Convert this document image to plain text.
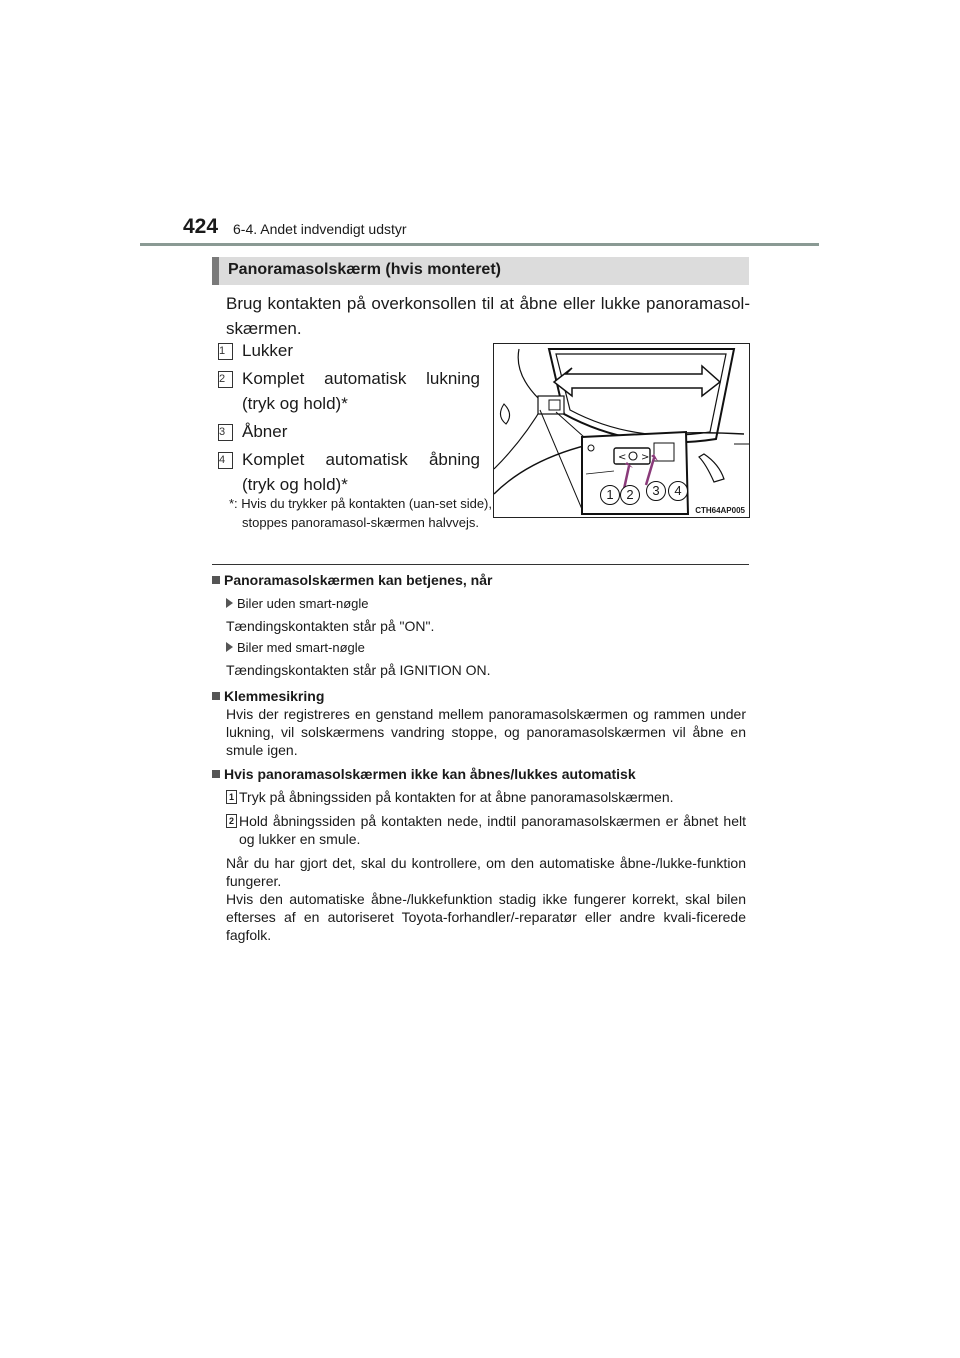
424 6-4. Andet indvendigt udstyr
Panoramasolskærm (hvis monteret)
Brug kontakten på overkonsollen til at åbne eller lukke panoramasol-skærmen.
1 Lukker
2 Komplet automatisk lukning (tryk og hold)*
3 Åbner
4 Komplet automatisk åbning (tryk og hold)*
*: Hvis du trykker på kontakten (uan-set side), stoppes panoramasol-skærmen halvvejs.
< >
1 2	3	4
CTH64AP005
Panoramasolskærmen kan betjenes, når
Biler uden smart-nøgle
Tændingskontakten står på "ON".
Biler med smart-nøgle
Tændingskontakten står på IGNITION ON.
Klemmesikring
Hvis der registreres en genstand mellem panoramasolskærmen og rammen under lukning, vil solskærmens vandring stoppe, og panoramasolskærmen vil åbne en smule igen.
Hvis panoramasolskærmen ikke kan åbnes/lukkes automatisk
1 Tryk på åbningssiden på kontakten for at åbne panoramasolskærmen.
2 Hold åbningssiden på kontakten nede, indtil panoramasolskærmen er åbnet helt og lukker en smule.
Når du har gjort det, skal du kontrollere, om den automatiske åbne-/lukke-funktion fungerer.
Hvis den automatiske åbne-/lukkefunktion stadig ikke fungerer korrekt, skal bilen efterses af en autoriseret Toyota-forhandler/-reparatør eller andre kvali-ficerede fagfolk.
